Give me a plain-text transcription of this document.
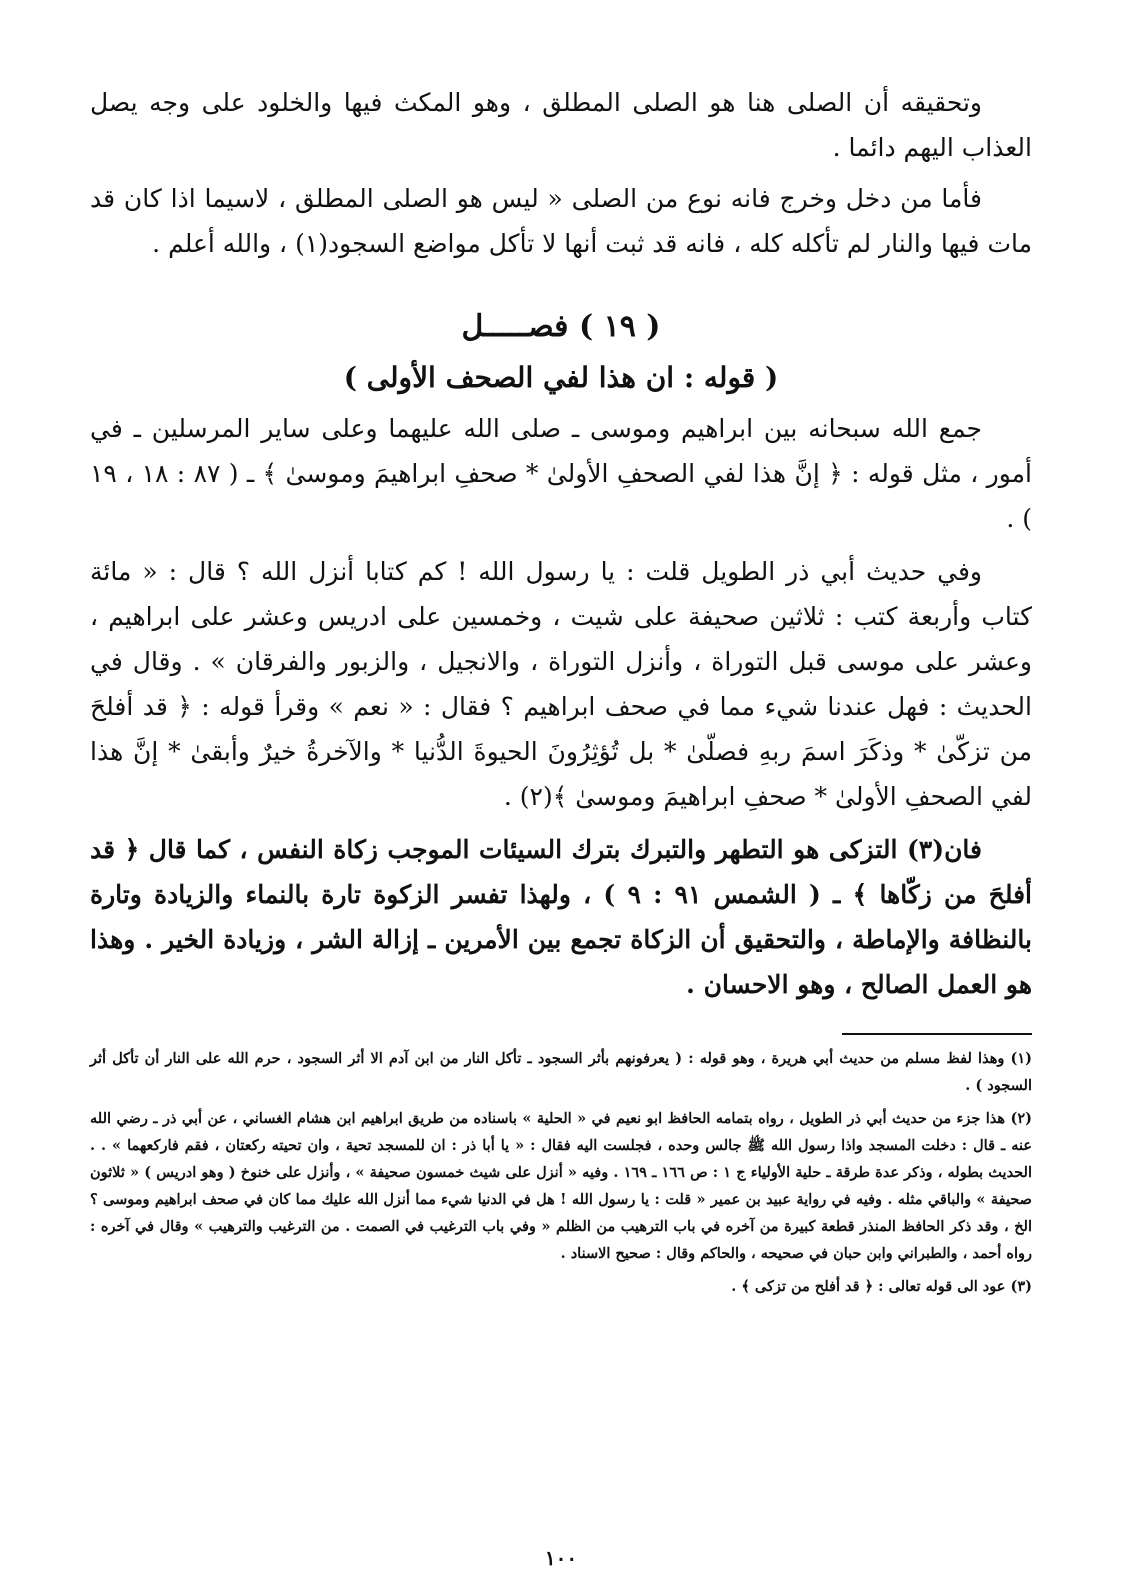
وتحقيقه أن الصلى هنا هو الصلى المطلق ، وهو المكث فيها والخلود على وجه يصل العذاب اليهم دائما .

فأما من دخل وخرج فانه نوع من الصلى « ليس هو الصلى المطلق ، لاسيما اذا كان قد مات فيها والنار لم تأكله كله ، فانه قد ثبت أنها لا تأكل مواضع السجود(١) ، والله أعلم .

( ١٩ ) فصـــــل

( قوله : ان هذا لفي الصحف الأولى )

جمع الله سبحانه بين ابراهيم وموسى ـ صلى الله عليهما وعلى ساير المرسلين ـ في أمور ، مثل قوله : ﴿ إنَّ هذا لفي الصحفِ الأولىٰ * صحفِ ابراهيمَ وموسىٰ ﴾ ـ ( ٨٧ : ١٨ ، ١٩ ) .

وفي حديث أبي ذر الطويل قلت : يا رسول الله ! كم كتابا أنزل الله ؟ قال : « مائة كتاب وأربعة كتب : ثلاثين صحيفة على شيت ، وخمسين على ادريس وعشر على ابراهيم ، وعشر على موسى قبل التوراة ، وأنزل التوراة ، والانجيل ، والزبور والفرقان » . وقال في الحديث : فهل عندنا شيء مما في صحف ابراهيم ؟ فقال : « نعم » وقرأ قوله : ﴿ قد أفلحَ من تزكّىٰ * وذكَرَ اسمَ ربهِ فصلّىٰ * بل تُؤثِرُونَ الحيوةَ الدُّنيا * والآخرةُ خيرٌ وأبقىٰ * إنَّ هذا لفي الصحفِ الأولىٰ * صحفِ ابراهيمَ وموسىٰ ﴾(٢) .

فان(٣) التزكى هو التطهر والتبرك بترك السيئات الموجب زكاة النفس ، كما قال ﴿ قد أفلحَ من زكّاها ﴾ ـ ( الشمس ٩١ : ٩ ) ، ولهذا تفسر الزكوة تارة بالنماء والزيادة وتارة بالنظافة والإماطة ، والتحقيق أن الزكاة تجمع بين الأمرين ـ إزالة الشر ، وزيادة الخير . وهذا هو العمل الصالح ، وهو الاحسان .

(١) وهذا لفظ مسلم من حديث أبي هريرة ، وهو قوله : ( يعرفونهم بأثر السجود ـ تأكل النار من ابن آدم الا أثر السجود ، حرم الله على النار أن تأكل أثر السجود ) .

(٢) هذا جزء من حديث أبي ذر الطويل ، رواه بتمامه الحافظ ابو نعيم في « الحلية » باسناده من طريق ابراهيم ابن هشام الغساني ، عن أبي ذر ـ رضي الله عنه ـ قال : دخلت المسجد واذا رسول الله ﷺ جالس وحده ، فجلست اليه فقال : « يا أبا ذر : ان للمسجد تحية ، وان تحيته ركعتان ، فقم فاركعهما » . . الحديث بطوله ، وذكر عدة طرقة ـ حلية الأولياء ج ١ : ص ١٦٦ ـ ١٦٩ . وفيه « أنزل على شيث خمسون صحيفة » ، وأنزل على خنوخ ( وهو ادريس ) « ثلاثون صحيفة » والباقي مثله . وفيه في رواية عبيد بن عمير « قلت : يا رسول الله ! هل في الدنيا شيء مما أنزل الله عليك مما كان في صحف ابراهيم وموسى ؟ الخ ، وقد ذكر الحافظ المنذر قطعة كبيرة من آخره في باب الترهيب من الظلم « وفي باب الترغيب في الصمت . من الترغيب والترهيب » وقال في آخره : رواه أحمد ، والطبراني وابن حبان في صحيحه ، والحاكم وقال : صحيح الاسناد .

(٣) عود الى قوله تعالى : ﴿ قد أفلح من تزكى ﴾ .

١٠٠
